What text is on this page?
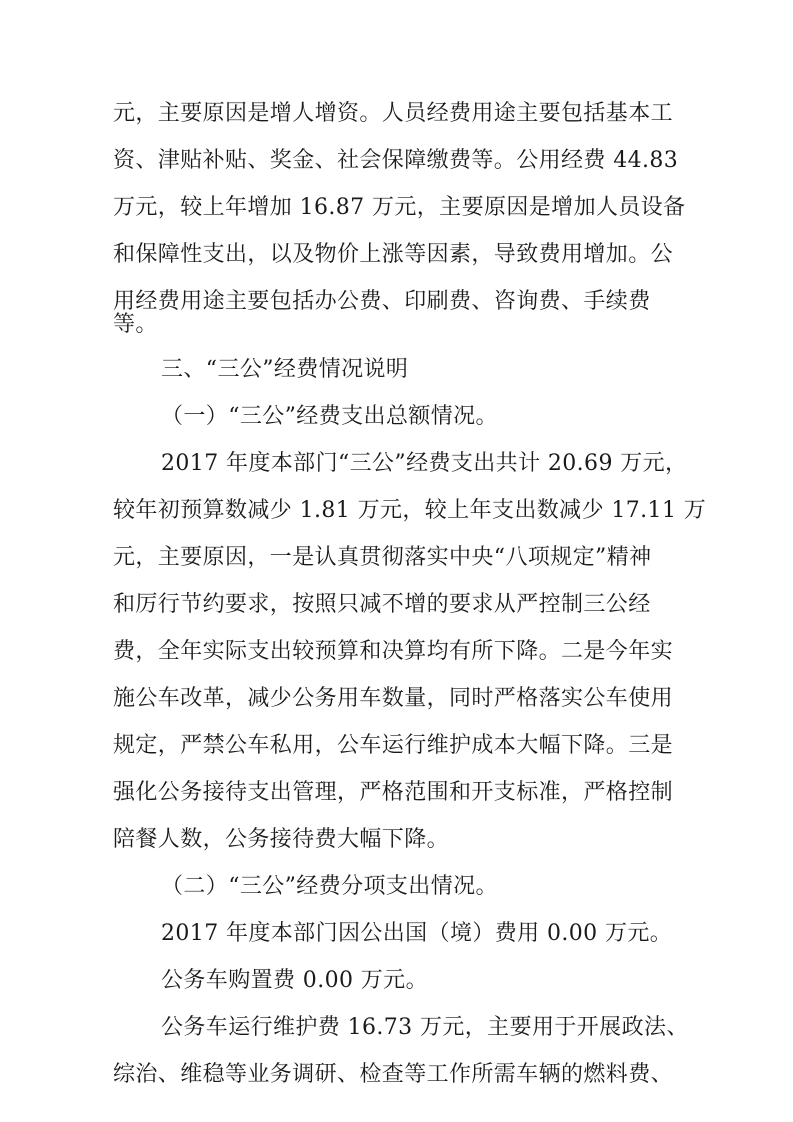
元，主要原因是增人增资。人员经费用途主要包括基本工
资、津贴补贴、奖金、社会保障缴费等。公用经费 44.83
万元，较上年增加 16.87 万元，主要原因是增加人员设备
和保障性支出，以及物价上涨等因素，导致费用增加。公
用经费用途主要包括办公费、印刷费、咨询费、手续费
等。
三、“三公”经费情况说明
（一）“三公”经费支出总额情况。
2017 年度本部门“三公”经费支出共计 20.69 万元，
较年初预算数减少 1.81 万元，较上年支出数减少 17.11 万
元，主要原因，一是认真贯彻落实中央“八项规定”精神
和厉行节约要求，按照只减不增的要求从严控制三公经
费，全年实际支出较预算和决算均有所下降。二是今年实
施公车改革，减少公务用车数量，同时严格落实公车使用
规定，严禁公车私用，公车运行维护成本大幅下降。三是
强化公务接待支出管理，严格范围和开支标准，严格控制
陪餐人数，公务接待费大幅下降。
（二）“三公”经费分项支出情况。
2017 年度本部门因公出国（境）费用 0.00 万元。
公务车购置费 0.00 万元。
公务车运行维护费 16.73 万元，主要用于开展政法、
综治、维稳等业务调研、检查等工作所需车辆的燃料费、
